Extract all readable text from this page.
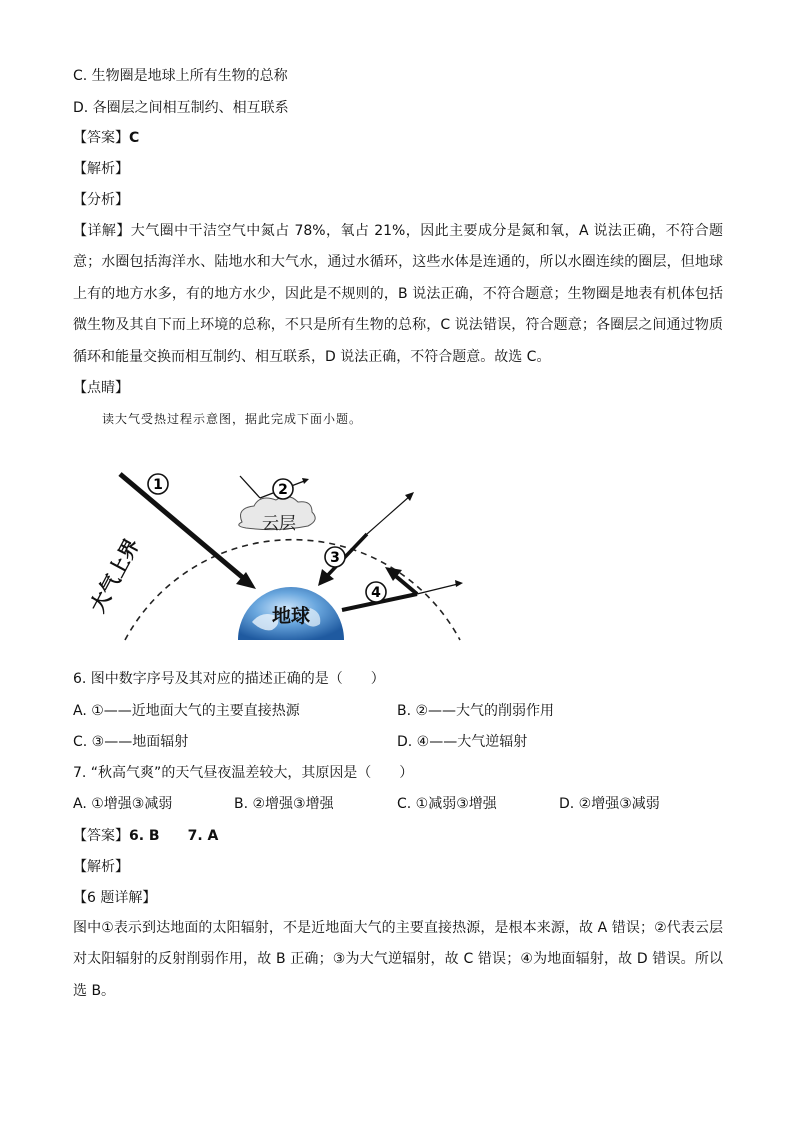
C. 生物圈是地球上所有生物的总称
D. 各圈层之间相互制约、相互联系
【答案】C
【解析】
【分析】
【详解】大气圈中干洁空气中氮占 78%，氧占 21%，因此主要成分是氮和氧，A 说法正确，不符合题意；水圈包括海洋水、陆地水和大气水，通过水循环，这些水体是连通的，所以水圈连续的圈层，但地球上有的地方水多，有的地方水少，因此是不规则的，B 说法正确，不符合题意；生物圈是地表有机体包括微生物及其自下而上环境的总称，不只是所有生物的总称，C 说法错误，符合题意；各圈层之间通过物质循环和能量交换而相互制约、相互联系，D 说法正确，不符合题意。故选 C。
【点睛】
读大气受热过程示意图，据此完成下面小题。
地球
大气上界
云层
1	2
3
4
6. 图中数字序号及其对应的描述正确的是（　　）
A. ①——近地面大气的主要直接热源	B. ②——大气的削弱作用
C. ③——地面辐射	D. ④——大气逆辐射
7. “秋高气爽”的天气昼夜温差较大，其原因是（　　）
A. ①增强③减弱	B. ②增强③增强	C. ①减弱③增强	D. ②增强③减弱
【答案】6. B　　7. A
【解析】
【6 题详解】
图中①表示到达地面的太阳辐射，不是近地面大气的主要直接热源，是根本来源，故 A 错误；②代表云层对太阳辐射的反射削弱作用，故 B 正确；③为大气逆辐射，故 C 错误；④为地面辐射，故 D 错误。所以选 B。
